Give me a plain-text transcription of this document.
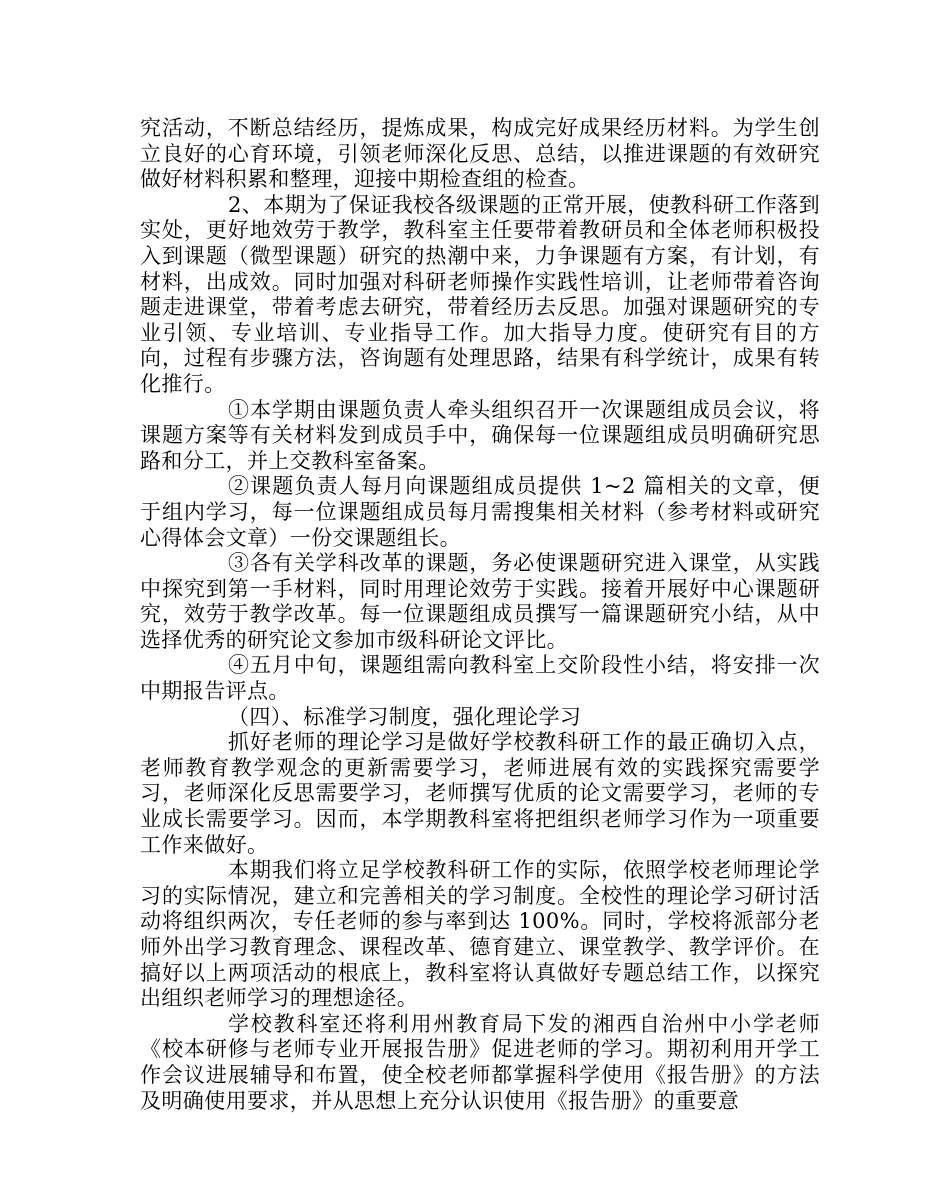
究活动，不断总结经历，提炼成果，构成完好成果经历材料。为学生创立良好的心育环境，引领老师深化反思、总结，以推进课题的有效研究做好材料积累和整理，迎接中期检查组的检查。

2、本期为了保证我校各级课题的正常开展，使教科研工作落到实处，更好地效劳于教学，教科室主任要带着教研员和全体老师积极投入到课题（微型课题）研究的热潮中来，力争课题有方案，有计划，有材料，出成效。同时加强对科研老师操作实践性培训，让老师带着咨询题走进课堂，带着考虑去研究，带着经历去反思。加强对课题研究的专业引领、专业培训、专业指导工作。加大指导力度。使研究有目的方向，过程有步骤方法，咨询题有处理思路，结果有科学统计，成果有转化推行。

①本学期由课题负责人牵头组织召开一次课题组成员会议，将课题方案等有关材料发到成员手中，确保每一位课题组成员明确研究思路和分工，并上交教科室备案。

②课题负责人每月向课题组成员提供 1~2 篇相关的文章，便于组内学习，每一位课题组成员每月需搜集相关材料（参考材料或研究心得体会文章）一份交课题组长。

③各有关学科改革的课题，务必使课题研究进入课堂，从实践中探究到第一手材料，同时用理论效劳于实践。接着开展好中心课题研究，效劳于教学改革。每一位课题组成员撰写一篇课题研究小结，从中选择优秀的研究论文参加市级科研论文评比。

④五月中旬，课题组需向教科室上交阶段性小结，将安排一次中期报告评点。

（四）、标准学习制度，强化理论学习

抓好老师的理论学习是做好学校教科研工作的最正确切入点，老师教育教学观念的更新需要学习，老师进展有效的实践探究需要学习，老师深化反思需要学习，老师撰写优质的论文需要学习，老师的专业成长需要学习。因而，本学期教科室将把组织老师学习作为一项重要工作来做好。

本期我们将立足学校教科研工作的实际，依照学校老师理论学习的实际情况，建立和完善相关的学习制度。全校性的理论学习研讨活动将组织两次，专任老师的参与率到达 100%。同时，学校将派部分老师外出学习教育理念、课程改革、德育建立、课堂教学、教学评价。在搞好以上两项活动的根底上，教科室将认真做好专题总结工作，以探究出组织老师学习的理想途径。

学校教科室还将利用州教育局下发的湘西自治州中小学老师《校本研修与老师专业开展报告册》促进老师的学习。期初利用开学工作会议进展辅导和布置，使全校老师都掌握科学使用《报告册》的方法及明确使用要求，并从思想上充分认识使用《报告册》的重要意
